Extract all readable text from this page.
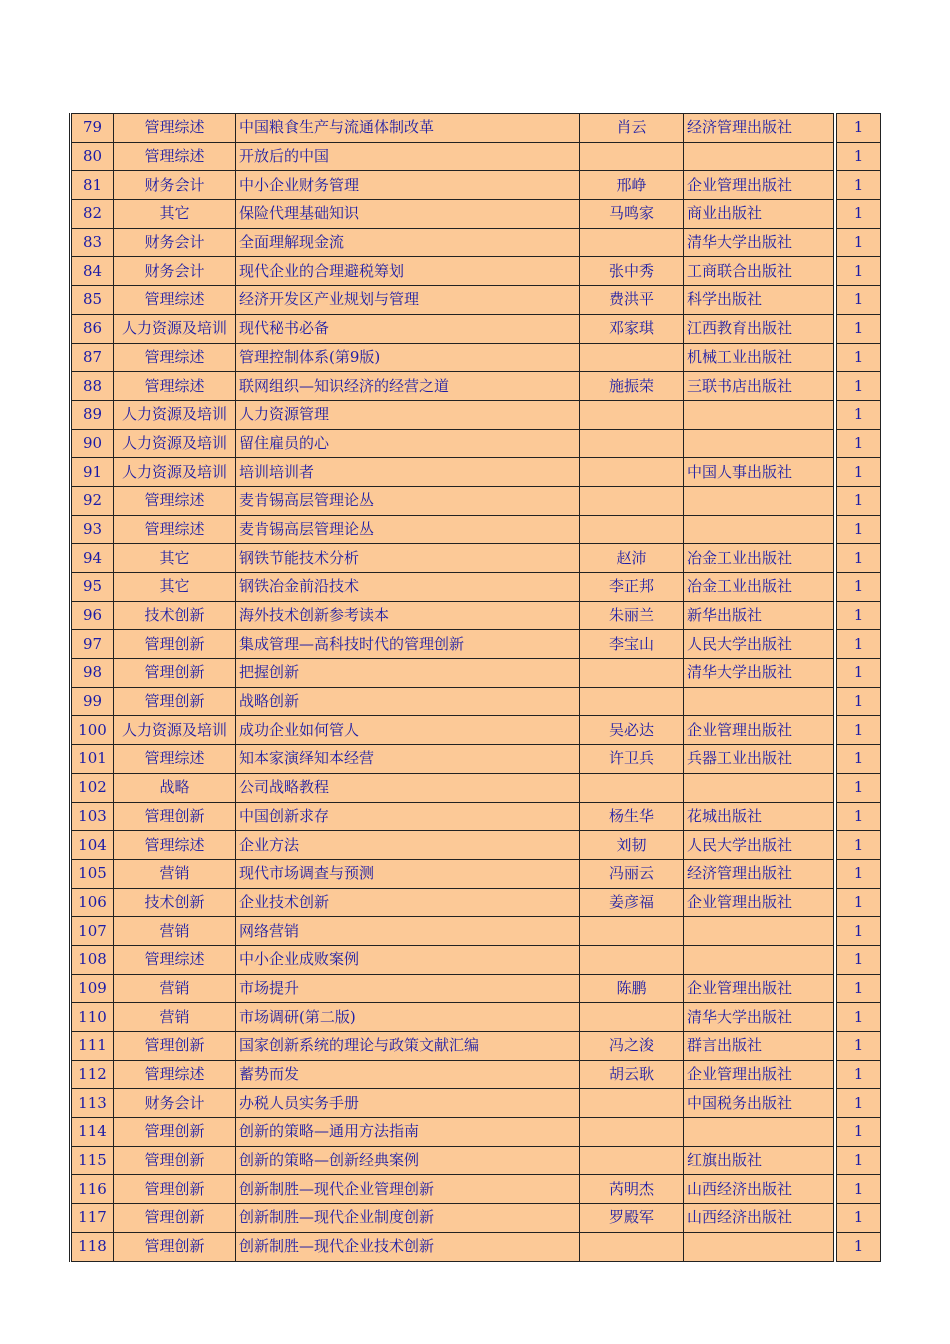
79	管理综述	中国粮食生产与流通体制改革	肖云	经济管理出版社		1
80	管理综述	开放后的中国				1
81	财务会计	中小企业财务管理	邢峥	企业管理出版社		1
82	其它	保险代理基础知识	马鸣家	商业出版社		1
83	财务会计	全面理解现金流		清华大学出版社		1
84	财务会计	现代企业的合理避税筹划	张中秀	工商联合出版社		1
85	管理综述	经济开发区产业规划与管理	费洪平	科学出版社		1
86	人力资源及培训	现代秘书必备	邓家琪	江西教育出版社		1
87	管理综述	管理控制体系(第9版)		机械工业出版社		1
88	管理综述	联网组织—知识经济的经营之道	施振荣	三联书店出版社		1
89	人力资源及培训	人力资源管理				1
90	人力资源及培训	留住雇员的心				1
91	人力资源及培训	培训培训者		中国人事出版社		1
92	管理综述	麦肯锡高层管理论丛				1
93	管理综述	麦肯锡高层管理论丛				1
94	其它	钢铁节能技术分析	赵沛	冶金工业出版社		1
95	其它	钢铁冶金前沿技术	李正邦	冶金工业出版社		1
96	技术创新	海外技术创新参考读本	朱丽兰	新华出版社		1
97	管理创新	集成管理—高科技时代的管理创新	李宝山	人民大学出版社		1
98	管理创新	把握创新		清华大学出版社		1
99	管理创新	战略创新				1
100	人力资源及培训	成功企业如何管人	吴必达	企业管理出版社		1
101	管理综述	知本家演绎知本经营	许卫兵	兵器工业出版社		1
102	战略	公司战略教程				1
103	管理创新	中国创新求存	杨生华	花城出版社		1
104	管理综述	企业方法	刘韧	人民大学出版社		1
105	营销	现代市场调查与预测	冯丽云	经济管理出版社		1
106	技术创新	企业技术创新	姜彦福	企业管理出版社		1
107	营销	网络营销				1
108	管理综述	中小企业成败案例				1
109	营销	市场提升	陈鹏	企业管理出版社		1
110	营销	市场调研(第二版)		清华大学出版社		1
111	管理创新	国家创新系统的理论与政策文献汇编	冯之浚	群言出版社		1
112	管理综述	蓄势而发	胡云耿	企业管理出版社		1
113	财务会计	办税人员实务手册		中国税务出版社		1
114	管理创新	创新的策略—通用方法指南				1
115	管理创新	创新的策略—创新经典案例		红旗出版社		1
116	管理创新	创新制胜—现代企业管理创新	芮明杰	山西经济出版社		1
117	管理创新	创新制胜—现代企业制度创新	罗殿军	山西经济出版社		1
118	管理创新	创新制胜—现代企业技术创新				1
